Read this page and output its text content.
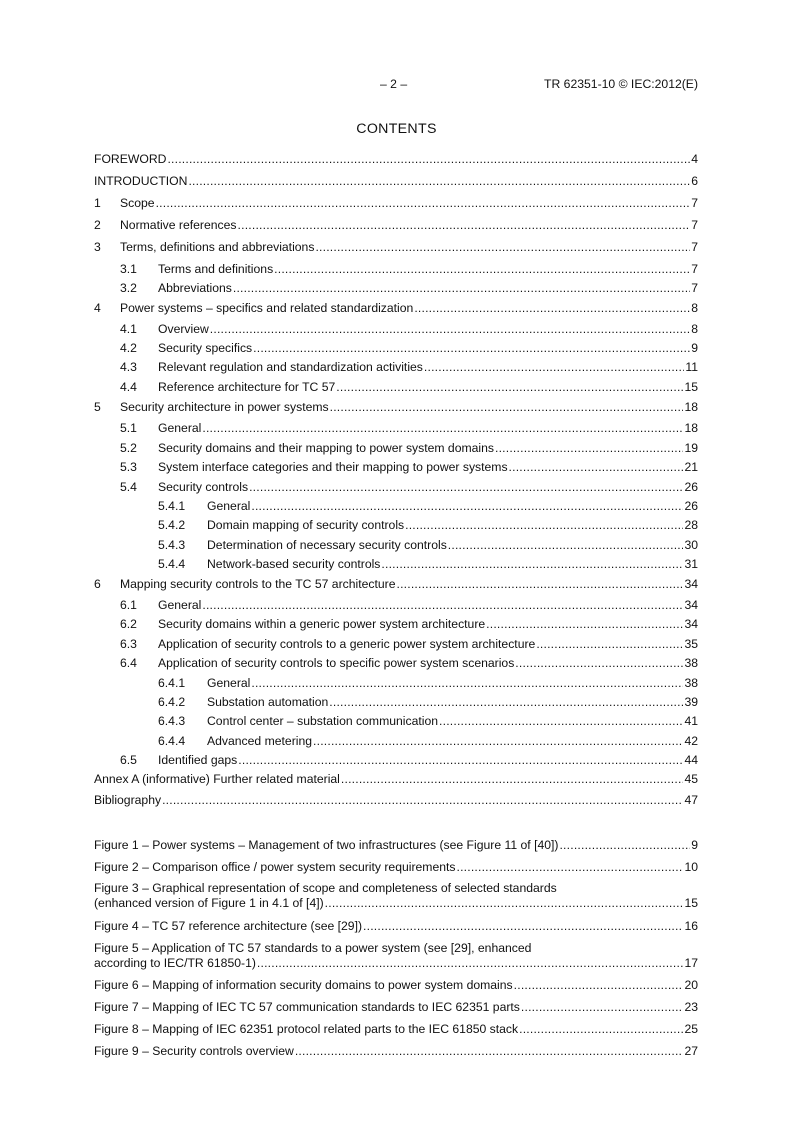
– 2 –	TR 62351-10 © IEC:2012(E)
CONTENTS
FOREWORD .....	4
INTRODUCTION .....	6
1	Scope .....	7
2	Normative references .....	7
3	Terms, definitions and abbreviations .....	7
3.1	Terms and definitions .....	7
3.2	Abbreviations .....	7
4	Power systems – specifics and related standardization .....	8
4.1	Overview .....	8
4.2	Security specifics .....	9
4.3	Relevant regulation and standardization activities .....	11
4.4	Reference architecture for TC 57 .....	15
5	Security architecture in power systems .....	18
5.1	General .....	18
5.2	Security domains and their mapping to power system domains .....	19
5.3	System interface categories and their mapping to power systems .....	21
5.4	Security controls .....	26
5.4.1	General .....	26
5.4.2	Domain mapping of security controls .....	28
5.4.3	Determination of necessary security controls .....	30
5.4.4	Network-based security controls .....	31
6	Mapping security controls to the TC 57 architecture .....	34
6.1	General .....	34
6.2	Security domains within a generic power system architecture .....	34
6.3	Application of security controls to a generic power system architecture .....	35
6.4	Application of security controls to specific power system scenarios .....	38
6.4.1	General .....	38
6.4.2	Substation automation .....	39
6.4.3	Control center – substation communication .....	41
6.4.4	Advanced metering .....	42
6.5	Identified gaps .....	44
Annex A (informative) Further related material .....	45
Bibliography .....	47
Figure 1 – Power systems – Management of two infrastructures (see Figure 11 of [40]) .....	9
Figure 2 – Comparison office / power system security requirements .....	10
Figure 3 – Graphical representation of scope and completeness of selected standards
(enhanced version of Figure 1 in 4.1 of [4]) .....	15
Figure 4 – TC 57 reference architecture (see [29]) .....	16
Figure 5 – Application of TC 57 standards to a power system (see [29], enhanced
according to IEC/TR 61850-1) .....	17
Figure 6 – Mapping of information security domains to power system domains .....	20
Figure 7 – Mapping of IEC TC 57 communication standards to IEC 62351 parts .....	23
Figure 8 – Mapping of IEC 62351 protocol related parts to the IEC 61850 stack .....	25
Figure 9 – Security controls overview .....	27
